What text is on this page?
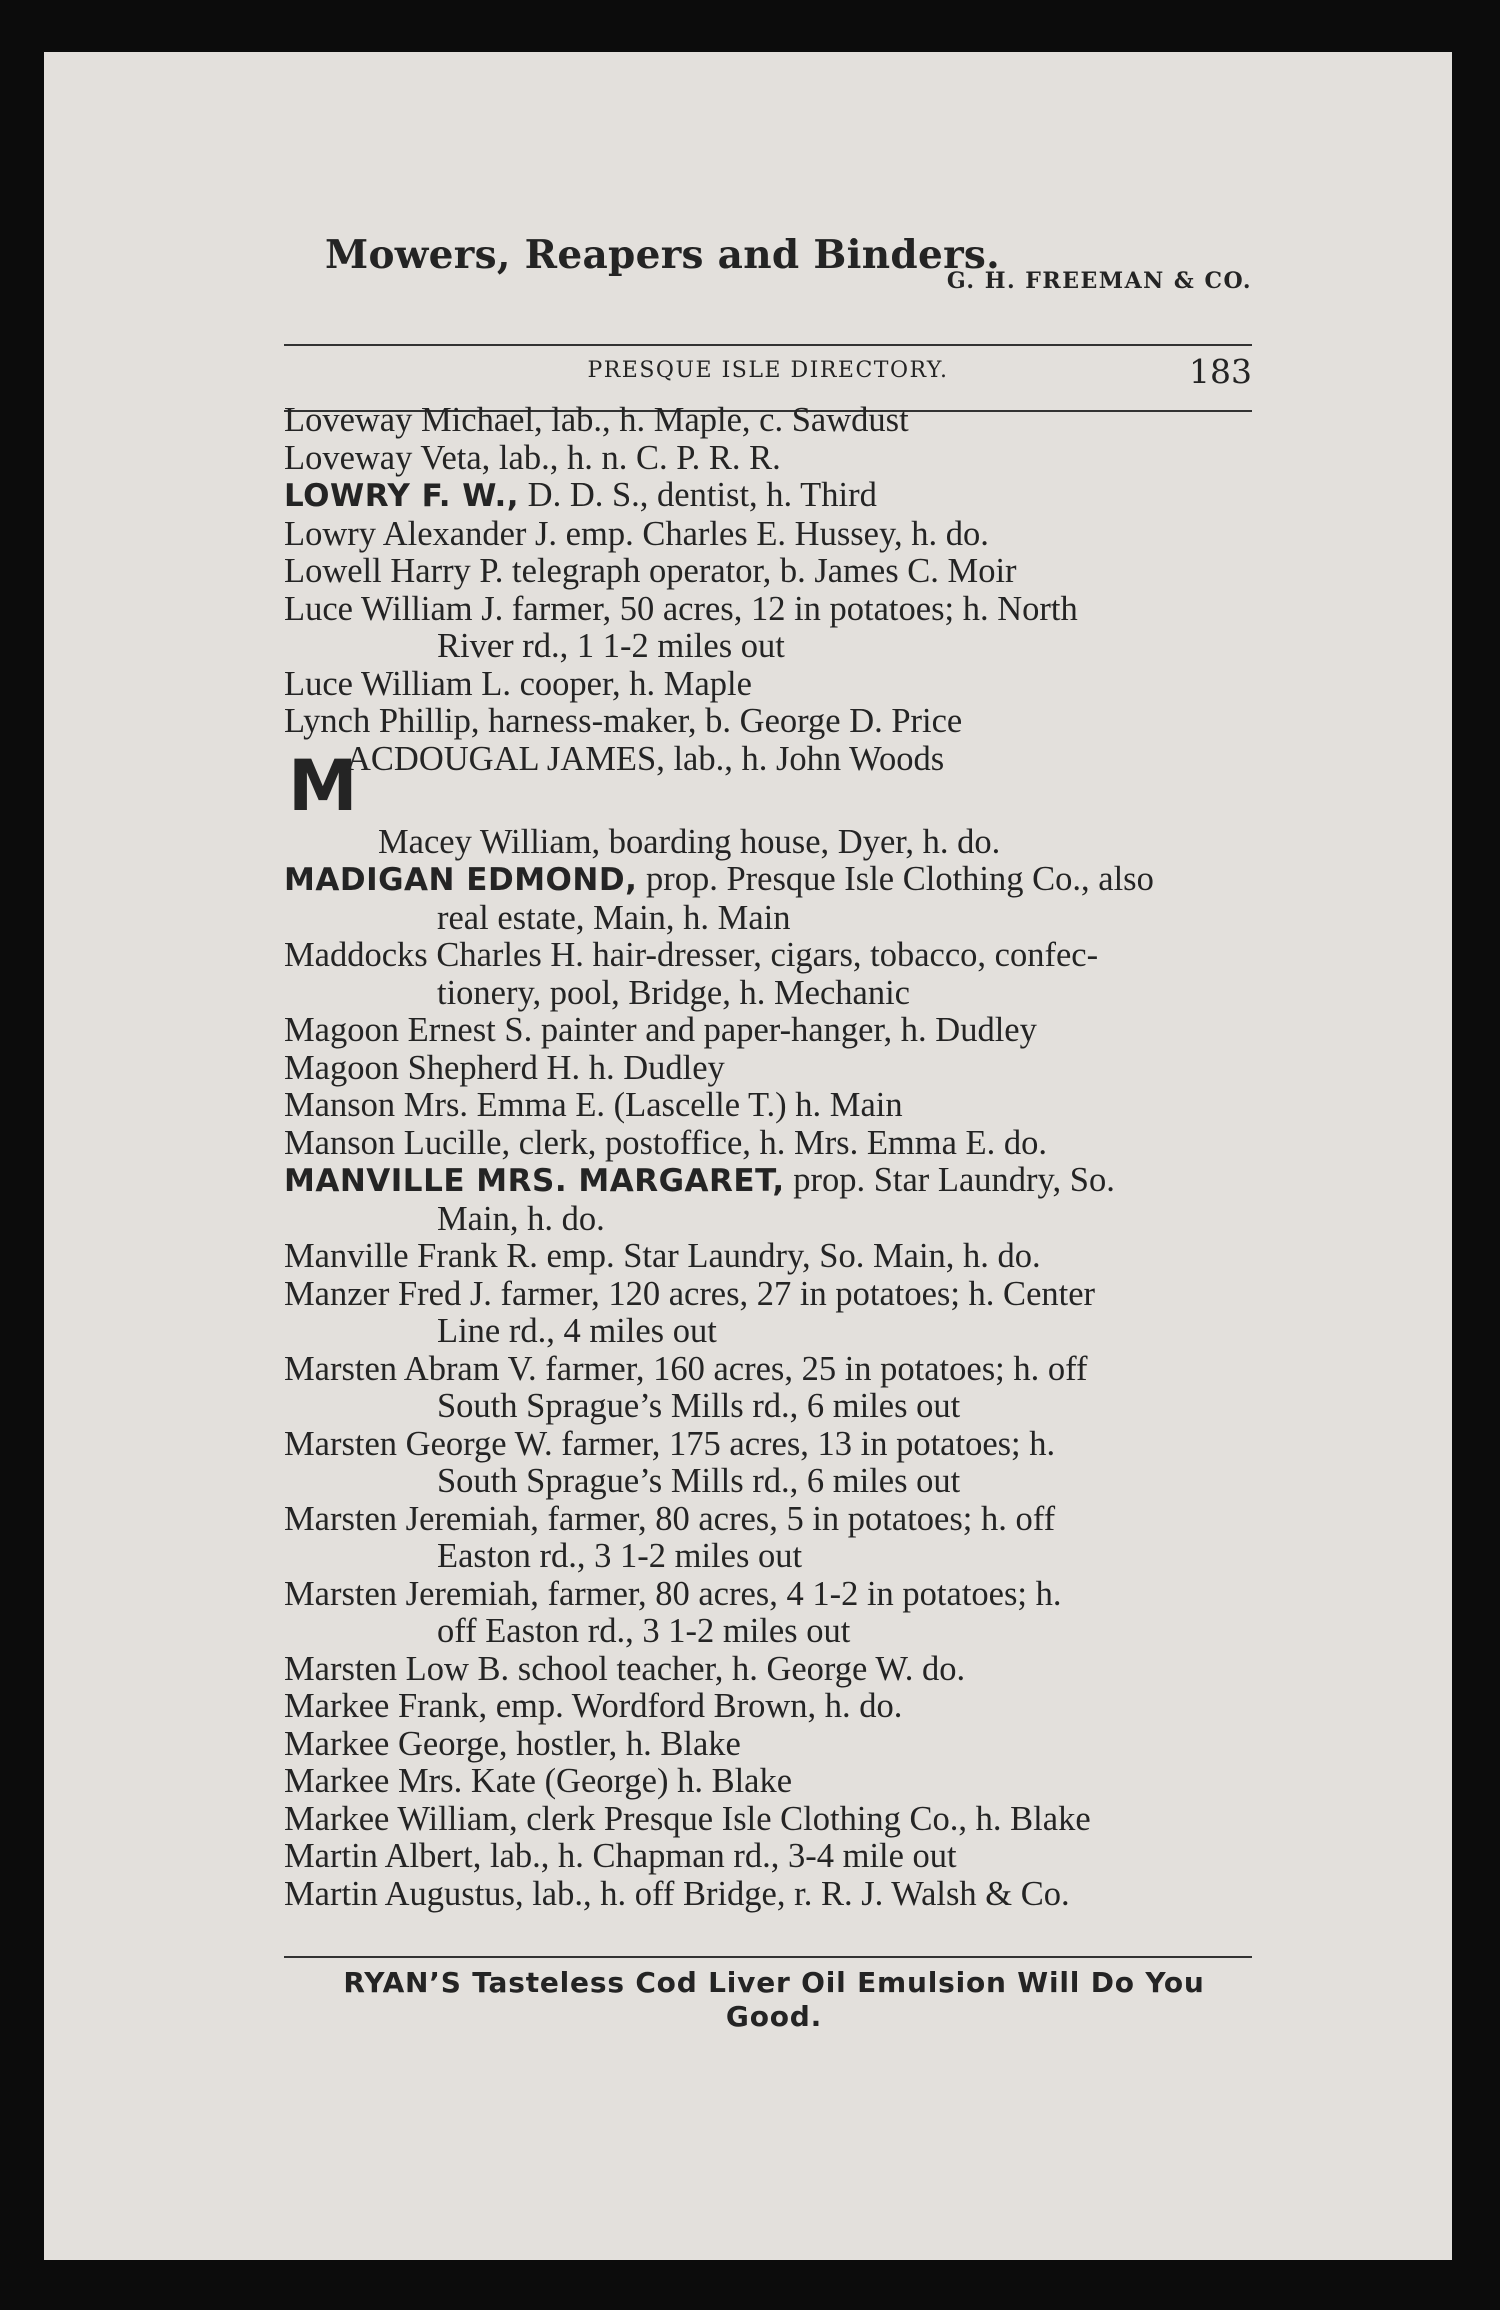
Mowers, Reapers and Binders.
G. H. FREEMAN & CO.
PRESQUE ISLE DIRECTORY.	183
Loveway Michael, lab., h. Maple, c. Sawdust
Loveway Veta, lab., h. n. C. P. R. R.
LOWRY F. W., D. D. S., dentist, h. Third
Lowry Alexander J. emp. Charles E. Hussey, h. do.
Lowell Harry P. telegraph operator, b. James C. Moir
Luce William J. farmer, 50 acres, 12 in potatoes; h. North
River rd., 1 1-2 miles out
Luce William L. cooper, h. Maple
Lynch Phillip, harness-maker, b. George D. Price
M
ACDOUGAL JAMES, lab., h. John Woods
Macey William, boarding house, Dyer, h. do.
MADIGAN EDMOND, prop. Presque Isle Clothing Co., also
real estate, Main, h. Main
Maddocks Charles H. hair-dresser, cigars, tobacco, confec-
tionery, pool, Bridge, h. Mechanic
Magoon Ernest S. painter and paper-hanger, h. Dudley
Magoon Shepherd H. h. Dudley
Manson Mrs. Emma E. (Lascelle T.) h. Main
Manson Lucille, clerk, postoffice, h. Mrs. Emma E. do.
MANVILLE MRS. MARGARET, prop. Star Laundry, So.
Main, h. do.
Manville Frank R. emp. Star Laundry, So. Main, h. do.
Manzer Fred J. farmer, 120 acres, 27 in potatoes; h. Center
Line rd., 4 miles out
Marsten Abram V. farmer, 160 acres, 25 in potatoes; h. off
South Sprague’s Mills rd., 6 miles out
Marsten George W. farmer, 175 acres, 13 in potatoes; h.
South Sprague’s Mills rd., 6 miles out
Marsten Jeremiah, farmer, 80 acres, 5 in potatoes; h. off
Easton rd., 3 1-2 miles out
Marsten Jeremiah, farmer, 80 acres, 4 1-2 in potatoes; h.
off Easton rd., 3 1-2 miles out
Marsten Low B. school teacher, h. George W. do.
Markee Frank, emp. Wordford Brown, h. do.
Markee George, hostler, h. Blake
Markee Mrs. Kate (George) h. Blake
Markee William, clerk Presque Isle Clothing Co., h. Blake
Martin Albert, lab., h. Chapman rd., 3-4 mile out
Martin Augustus, lab., h. off Bridge, r. R. J. Walsh & Co.
RYAN’S Tasteless Cod Liver Oil Emulsion Will Do You
Good.
